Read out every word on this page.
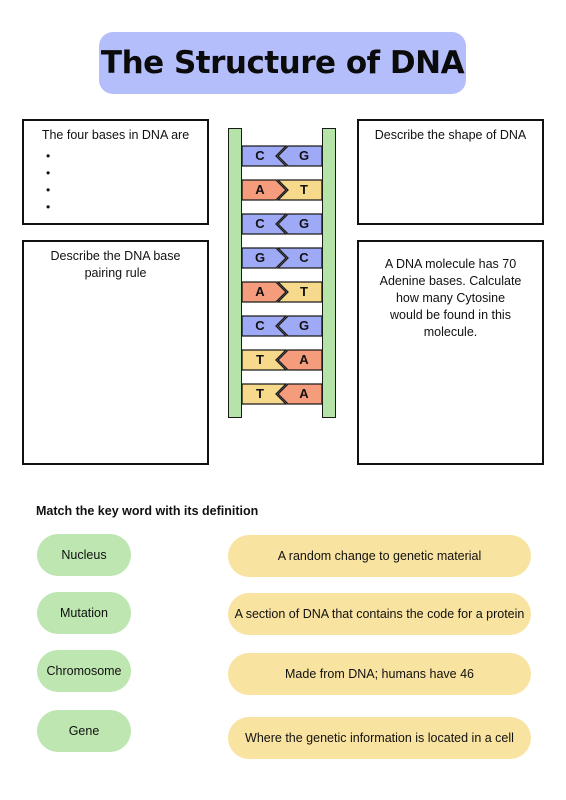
The Structure of DNA
The four bases in DNA are
•
•
•
•
Describe the DNA base pairing rule
Describe the shape of DNA
A DNA molecule has 70 Adenine bases. Calculate how many Cytosine would be found in this molecule.
C	G
A	T
C	G
G	C
A	T
C	G
T	A
T	A
Match the key word with its definition
Nucleus
Mutation
Chromosome
Gene
A random change to genetic material
A section of DNA that contains the code for a protein
Made from DNA; humans have 46
Where the genetic information is located in a cell
